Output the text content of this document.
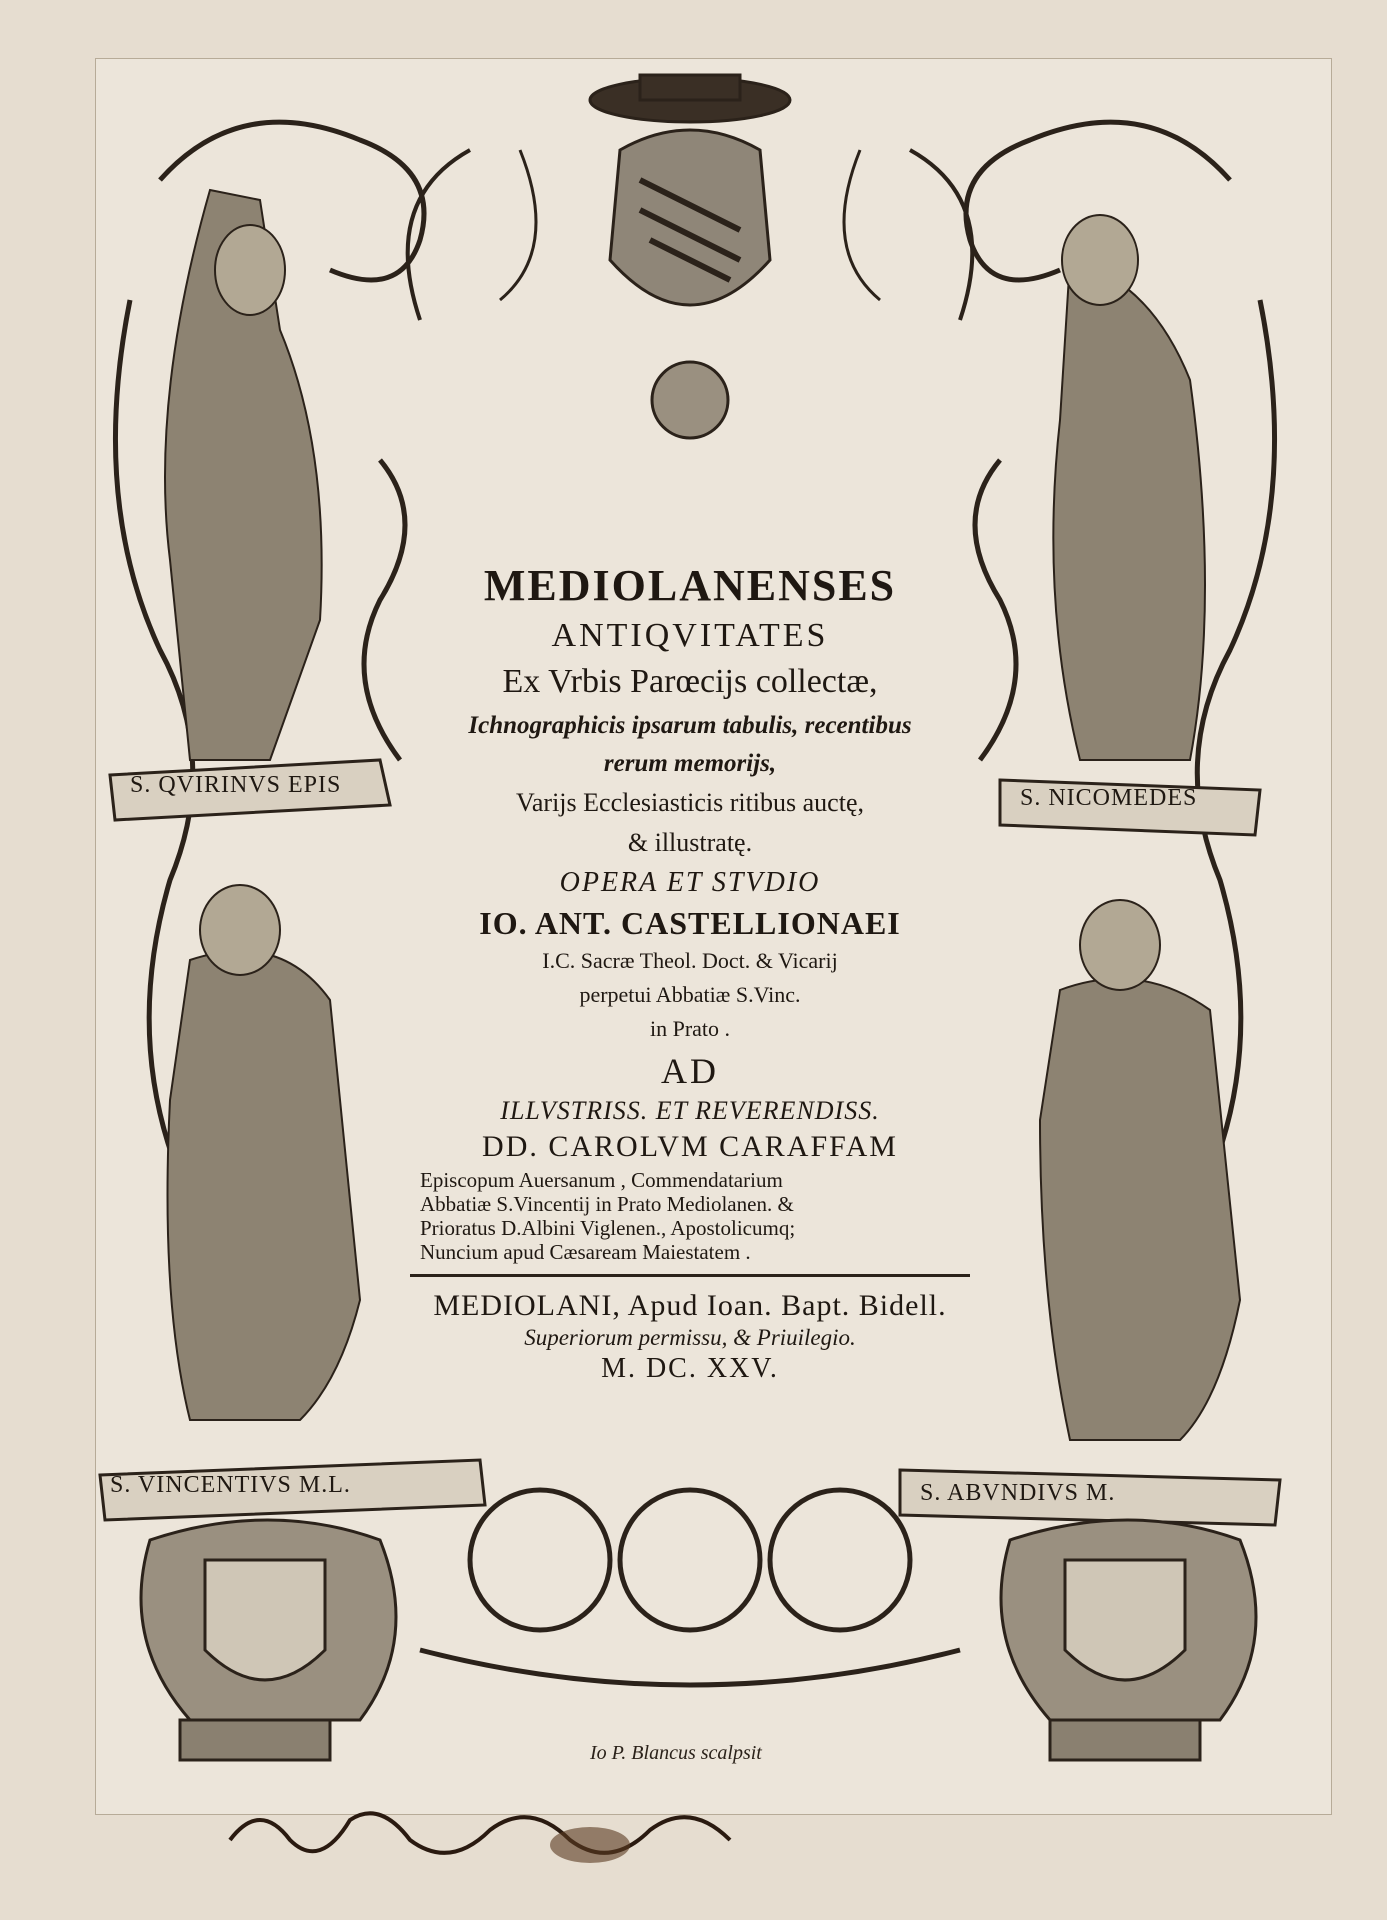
S. QVIRINVS EPIS	S. NICOMEDES
S. VINCENTIVS M.L.	S. ABVNDIVS M.
MEDIOLANENSES
ANTIQVITATES
Ex Vrbis Parœcijs collectæ,
Ichnographicis ipsarum tabulis, recentibus
rerum memorijs,
Varijs Ecclesiasticis ritibus auctę,
& illustratę.
OPERA ET STVDIO
IO. ANT. CASTELLIONAEI
I.C. Sacræ Theol. Doct. & Vicarij
perpetui Abbatiæ S.Vinc.
in Prato .
AD
ILLVSTRISS. ET REVERENDISS.
DD. CAROLVM CARAFFAM
Episcopum Auersanum , Commendatarium
Abbatiæ S.Vincentij in Prato Mediolanen. &
Prioratus D.Albini Viglenen., Apostolicumq;
Nuncium apud Cæsaream Maiestatem .
MEDIOLANI, Apud Ioan. Bapt. Bidell.
Superiorum permissu, & Priuilegio.
M. DC. XXV.
Io P. Blancus scalpsit
